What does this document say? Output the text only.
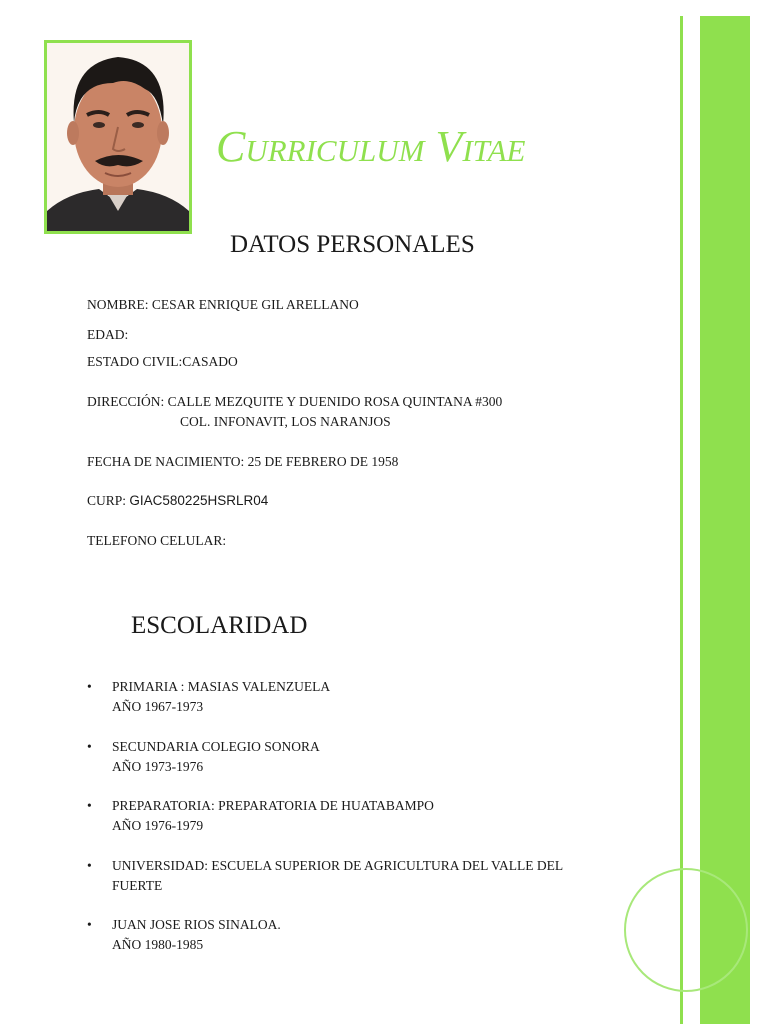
Curriculum Vitae
DATOS PERSONALES
NOMBRE: CESAR ENRIQUE GIL ARELLANO
EDAD:
ESTADO CIVIL:CASADO
DIRECCIÓN: CALLE MEZQUITE Y DUENIDO ROSA QUINTANA #300
COL. INFONAVIT, LOS NARANJOS
FECHA DE NACIMIENTO: 25 DE FEBRERO DE 1958
CURP: GIAC580225HSRLR04
TELEFONO CELULAR:
ESCOLARIDAD
• PRIMARIA : MASIAS VALENZUELA
AÑO 1967-1973
• SECUNDARIA COLEGIO SONORA
AÑO 1973-1976
• PREPARATORIA: PREPARATORIA DE HUATABAMPO
AÑO 1976-1979
• UNIVERSIDAD: ESCUELA SUPERIOR DE AGRICULTURA DEL VALLE DEL
FUERTE
• JUAN JOSE RIOS SINALOA.
AÑO 1980-1985
